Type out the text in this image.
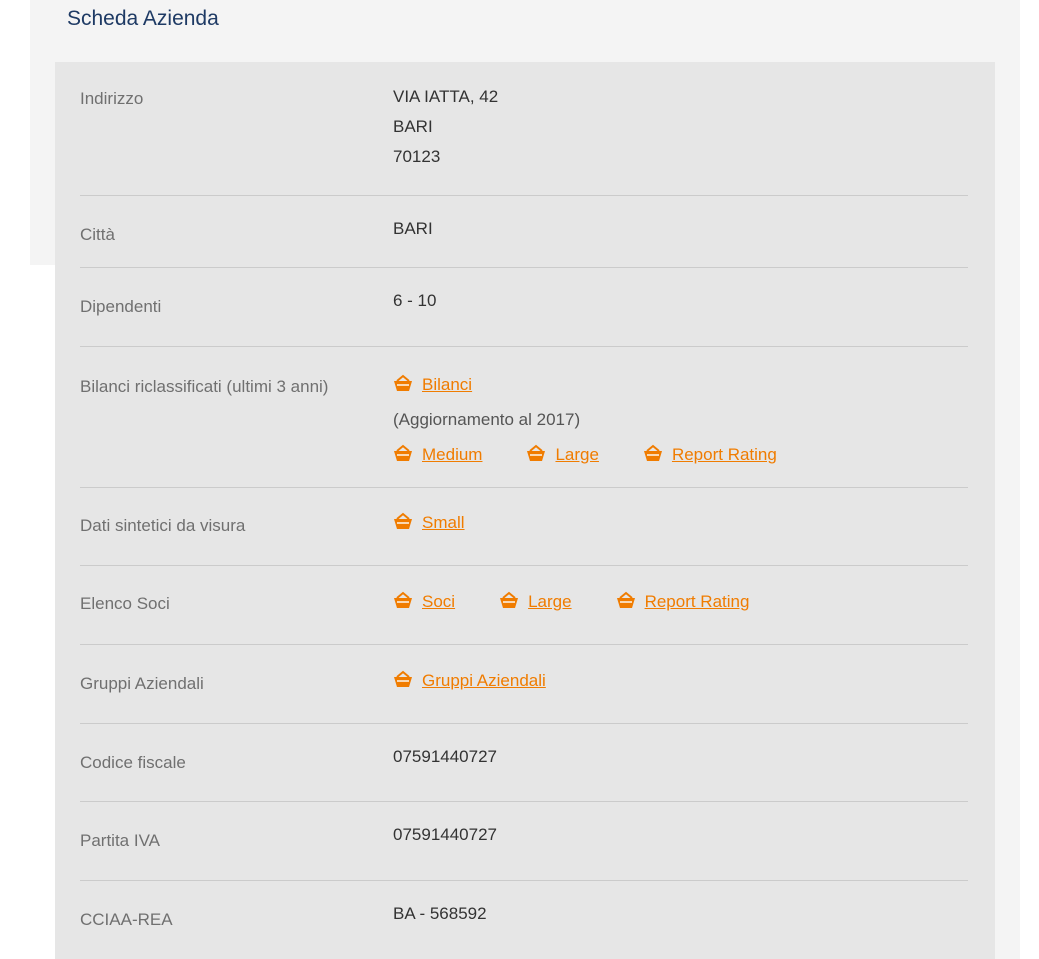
Scheda Azienda
Indirizzo	VIA IATTA, 42
BARI
70123
Città	BARI
Dipendenti	6 - 10
Bilanci riclassificati (ultimi 3 anni)	Bilanci
(Aggiornamento al 2017)
Medium	Large	Report Rating
Dati sintetici da visura	Small
Elenco Soci	Soci	Large	Report Rating
Gruppi Aziendali	Gruppi Aziendali
Codice fiscale	07591440727
Partita IVA	07591440727
CCIAA-REA	BA - 568592
